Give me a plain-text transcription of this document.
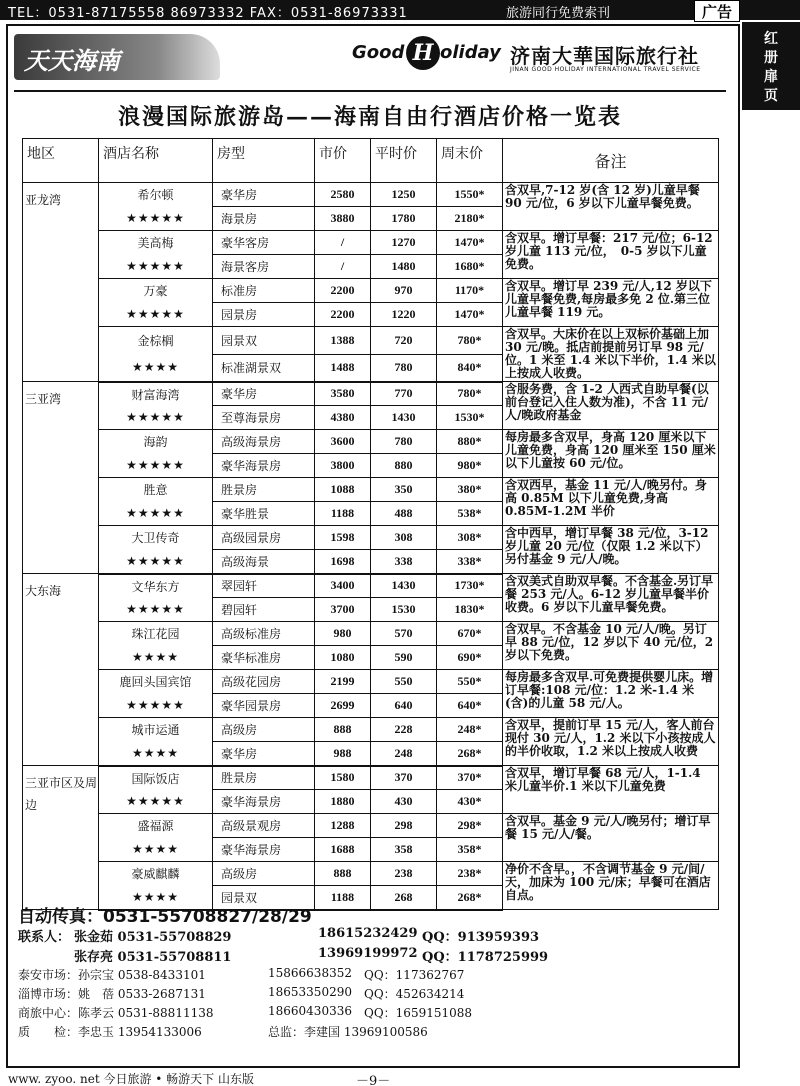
TEL：0531-87175558 86973332 FAX：0531-86973331	旅游同行免费索刊	广告
红
册
扉
页
天天海南	Good H oliday 济南大華国际旅行社
JINAN GOOD HOLIDAY INTERNATIONAL TRAVEL SERVICE
浪漫国际旅游岛——海南自由行酒店价格一览表
地区	酒店名称	房型	市价	平时价	周末价	备注
亚龙湾	希尔顿	豪华房	2580	1250	1550*	含双早,7-12 岁(含 12 岁)儿童早餐 90 元/位，6 岁以下儿童早餐免费。
	★★★★★	海景房	3880	1780	2180*	
	美高梅	豪华客房	/	1270	1470*	含双早。增订早餐：217 元/位；6-12 岁儿童 113 元/位，　0-5 岁以下儿童免费。
	★★★★★	海景客房	/	1480	1680*	
	万豪	标准房	2200	970	1170*	含双早。增订早 239 元/人,12 岁以下儿童早餐免费,每房最多免 2 位.第三位儿童早餐 119 元。
	★★★★★	园景房	2200	1220	1470*	
	金棕榈	园景双	1388	720	780*	含双早。大床价在以上双标价基础上加 30 元/晚。抵店前提前另订早 98 元/位。1 米至 1.4 米以下半价，1.4 米以上按成人收费。
	★★★★	标准湖景双	1488	780	840*	
三亚湾	财富海湾	豪华房	3580	770	780*	含服务费，含 1-2 人西式自助早餐(以前台登记入住人数为准)，不含 11 元/人/晚政府基金
	★★★★★	至尊海景房	4380	1430	1530*	
	海韵	高级海景房	3600	780	880*	每房最多含双早，身高 120 厘米以下儿童免费，身高 120 厘米至 150 厘米以下儿童按 60 元/位。
	★★★★★	豪华海景房	3800	880	980*	
	胜意	胜景房	1088	350	380*	含双西早，基金 11 元/人/晚另付。身高 0.85M 以下儿童免费,身高 0.85M-1.2M 半价
	★★★★★	豪华胜景	1188	488	538*	
	大卫传奇	高级园景房	1598	308	308*	含中西早，增订早餐 38 元/位，3-12 岁儿童 20 元/位（仅限 1.2 米以下）另付基金 9 元/人/晚。
	★★★★★	高级海景	1698	338	338*	
大东海	文华东方	翠园轩	3400	1430	1730*	含双美式自助双早餐。不含基金.另订早餐 253 元/人。6-12 岁儿童早餐半价收费。6 岁以下儿童早餐免费。
	★★★★★	碧园轩	3700	1530	1830*	
	珠江花园	高级标准房	980	570	670*	含双早。不含基金 10 元/人/晚。另订早 88 元/位，12 岁以下 40 元/位，2 岁以下免费。
	★★★★	豪华标准房	1080	590	690*	
	鹿回头国宾馆	高级花园房	2199	550	550*	每房最多含双早.可免费提供婴儿床。增订早餐:108 元/位：1.2 米-1.4 米(含)的儿童 58 元/人。
	★★★★★	豪华园景房	2699	640	640*	
	城市运通	高级房	888	228	248*	含双早，提前订早 15 元/人，客人前台现付 30 元/人，1.2 米以下小孩按成人的半价收取，1.2 米以上按成人收费
	★★★★	豪华房	988	248	268*	
三亚市区及周边	国际饭店	胜景房	1580	370	370*	含双早，增订早餐 68 元/人，1-1.4 米儿童半价.1 米以下儿童免费
	★★★★★	豪华海景房	1880	430	430*	
	盛福源	高级景观房	1288	298	298*	含双早。基金 9 元/人/晚另付；增订早餐 15 元/人/餐。
	★★★★	豪华海景房	1688	358	358*	
	豪威麒麟	高级房	888	238	238*	净价不含早。，不含调节基金 9 元/间/天，加床为 100 元/床；早餐可在酒店自点。
	★★★★	园景双	1188	268	268*	
自动传真：0531-55708827/28/29
联系人： 张金茹 0531-55708829	18615232429 QQ：913959393
张存亮 0531-55708811	13969199972 QQ：1178725999
泰安市场：孙宗宝 0538-8433101	15866638352 QQ：117362767
淄博市场：姚　蓓 0533-2687131	18653350290 QQ：452634214
商旅中心：陈孝云 0531-88811138	18660430336 QQ：1659151088
质　　检：李忠玉 13954133006	总监：李建国 13969100586
www. zyoo. net 今日旅游 • 畅游天下 山东版	－9－
